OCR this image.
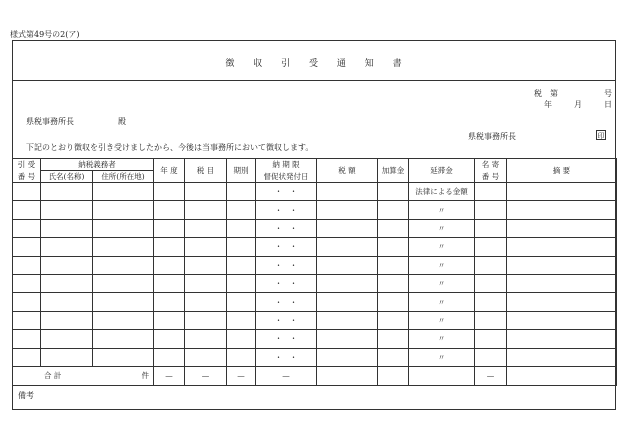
様式第49号の2(ア)
徴 収 引 受 通 知 書
税 第	号
年	月	日
県税事務所長	殿
県税事務所長	印
下記のとおり徴収を引き受けましたから、今後は当事務所において徴収します。
引 受	納税義務者		年 度	税 目	期別	納 期 限	税 額	加算金	延滞金	名 寄	摘 要
番 号	氏名(名称)	住所(所在地)				督促状発付日				番 号	
						・　・			法律による金額		
						・　・			〃		
						・　・			〃		
						・　・			〃		
						・　・			〃		
						・　・			〃		
						・　・			〃		
						・　・			〃		
						・　・			〃		
						・　・			〃		
合 計		件	—	—	—	—				—	
備考
